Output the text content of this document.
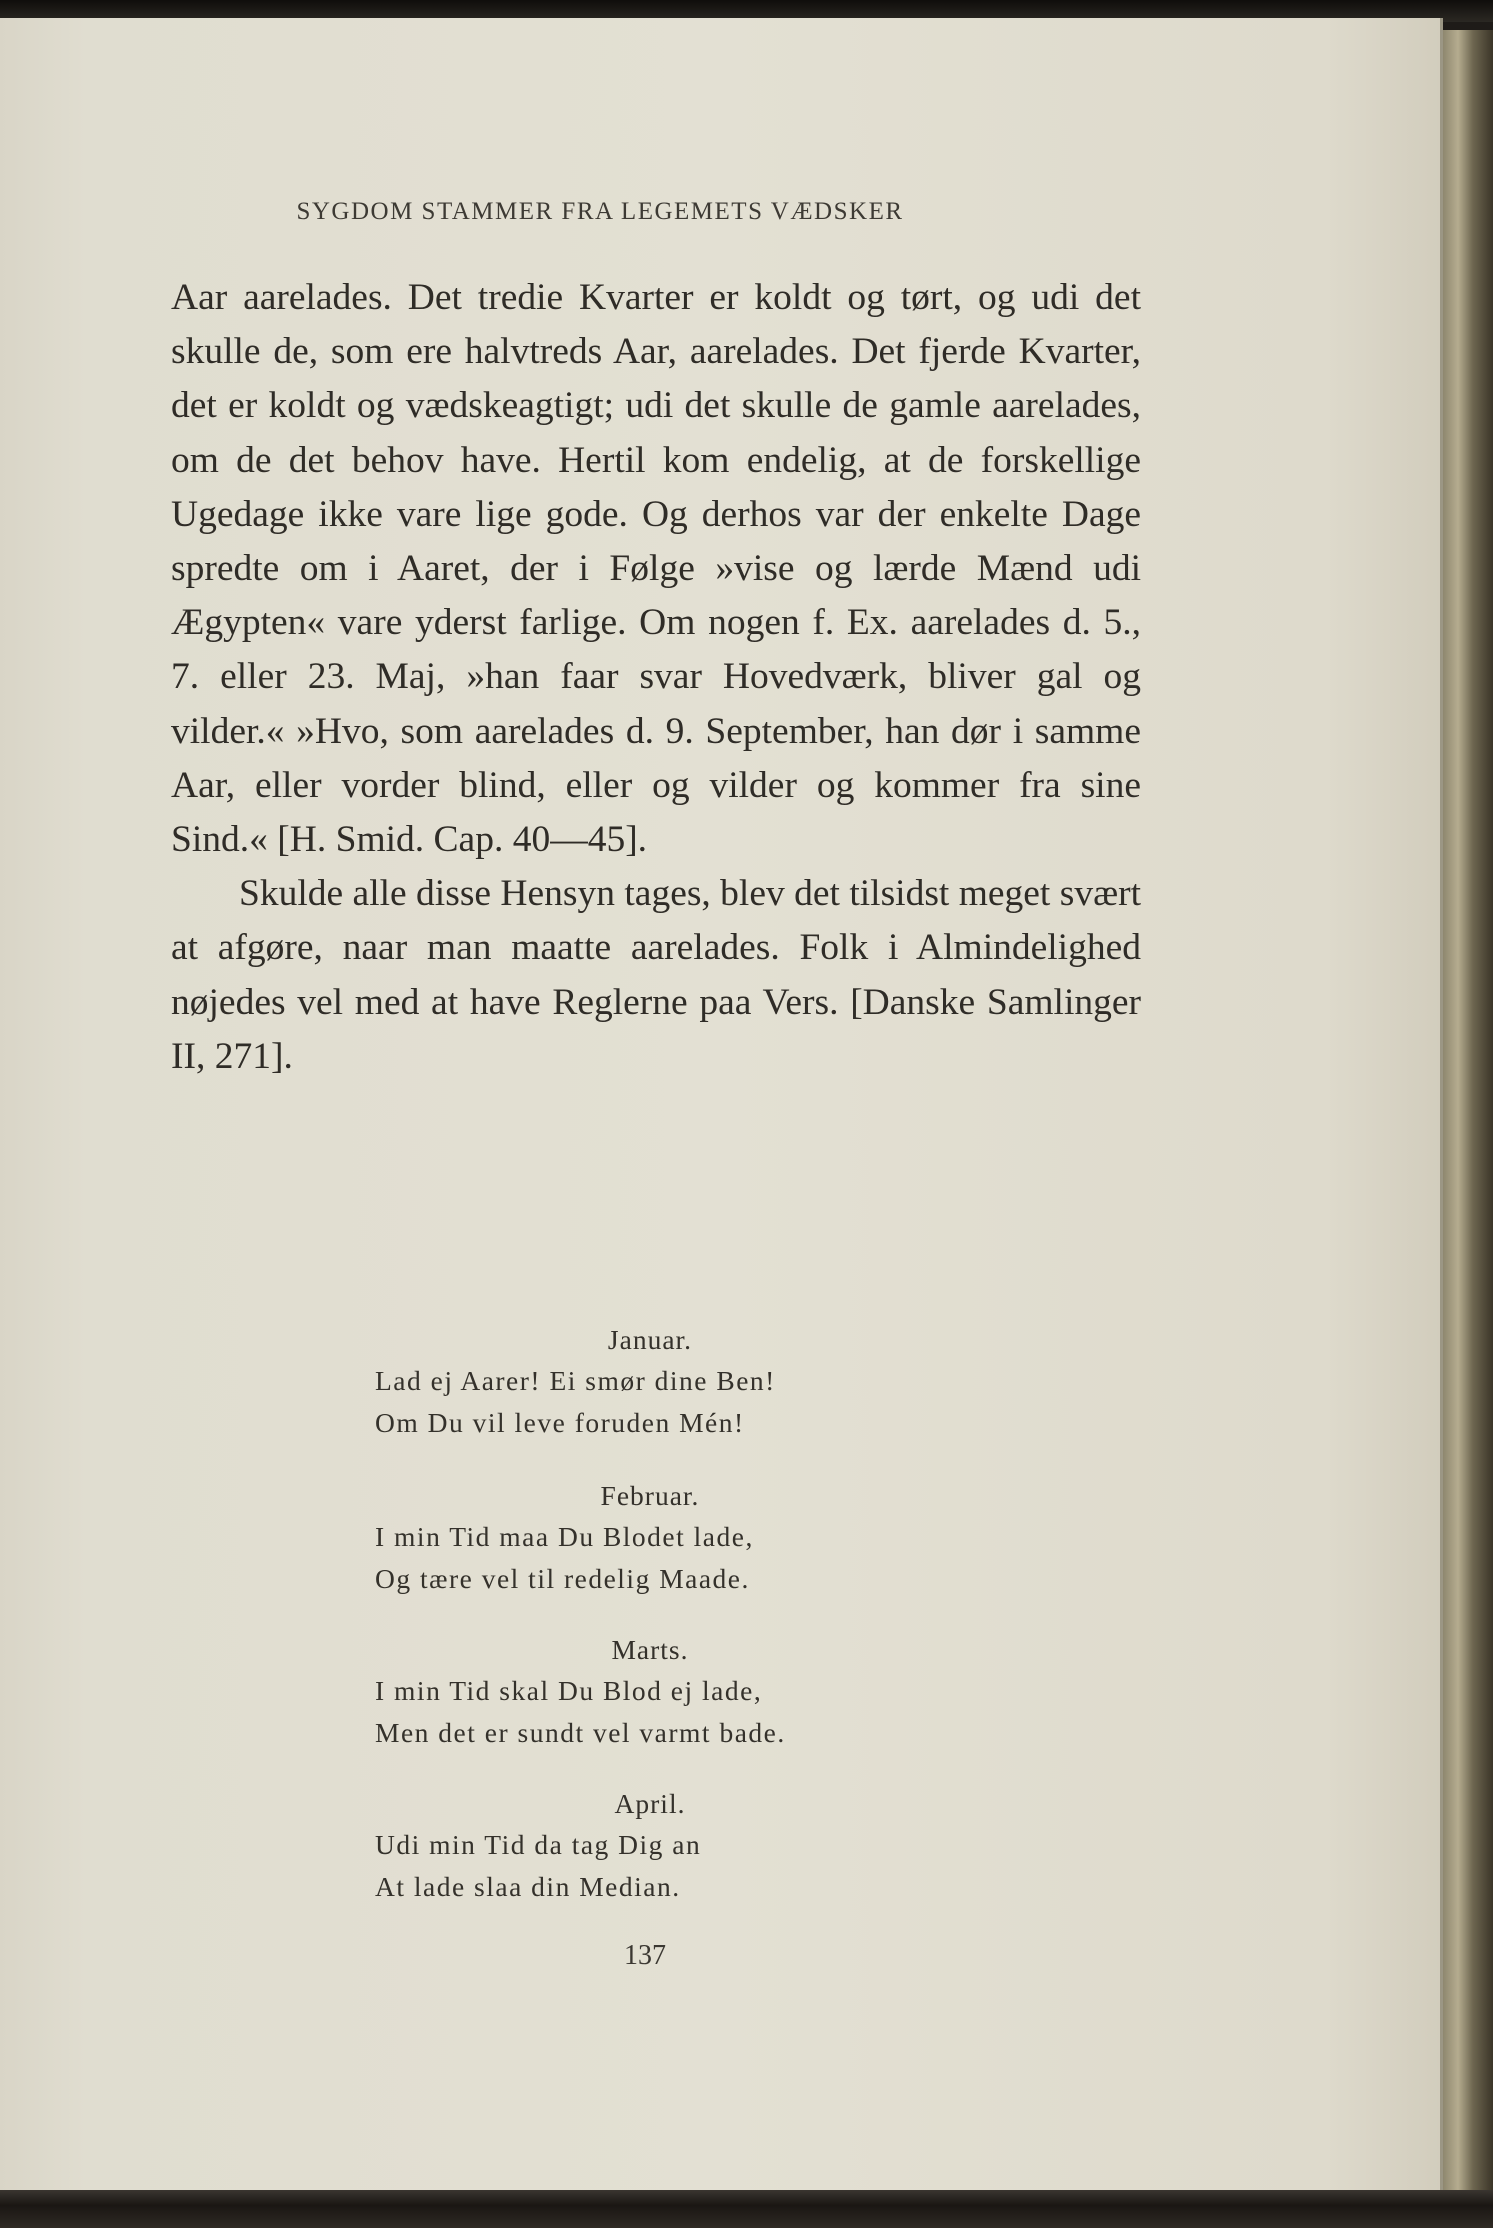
SYGDOM STAMMER FRA LEGEMETS VÆDSKER

Aar aarelades. Det tredie Kvarter er koldt og tørt, og udi det skulle de, som ere halvtreds Aar, aarelades. Det fjerde Kvarter, det er koldt og vædskeagtigt; udi det skulle de gamle aarelades, om de det behov have. Hertil kom endelig, at de forskellige Ugedage ikke vare lige gode. Og derhos var der enkelte Dage spredte om i Aaret, der i Følge »vise og lærde Mænd udi Ægypten« vare yderst farlige. Om nogen f. Ex. aarelades d. 5., 7. eller 23. Maj, »han faar svar Hovedværk, bliver gal og vilder.« »Hvo, som aarelades d. 9. September, han dør i samme Aar, eller vorder blind, eller og vilder og kommer fra sine Sind.« [H. Smid. Cap. 40—45].

Skulde alle disse Hensyn tages, blev det tilsidst meget svært at afgøre, naar man maatte aarelades. Folk i Almindelighed nøjedes vel med at have Reglerne paa Vers. [Danske Samlinger II, 271].

Januar.
Lad ej Aarer! Ei smør dine Ben!
Om Du vil leve foruden Mén!
Februar.
I min Tid maa Du Blodet lade,
Og tære vel til redelig Maade.
Marts.
I min Tid skal Du Blod ej lade,
Men det er sundt vel varmt bade.
April.
Udi min Tid da tag Dig an
At lade slaa din Median.
137
